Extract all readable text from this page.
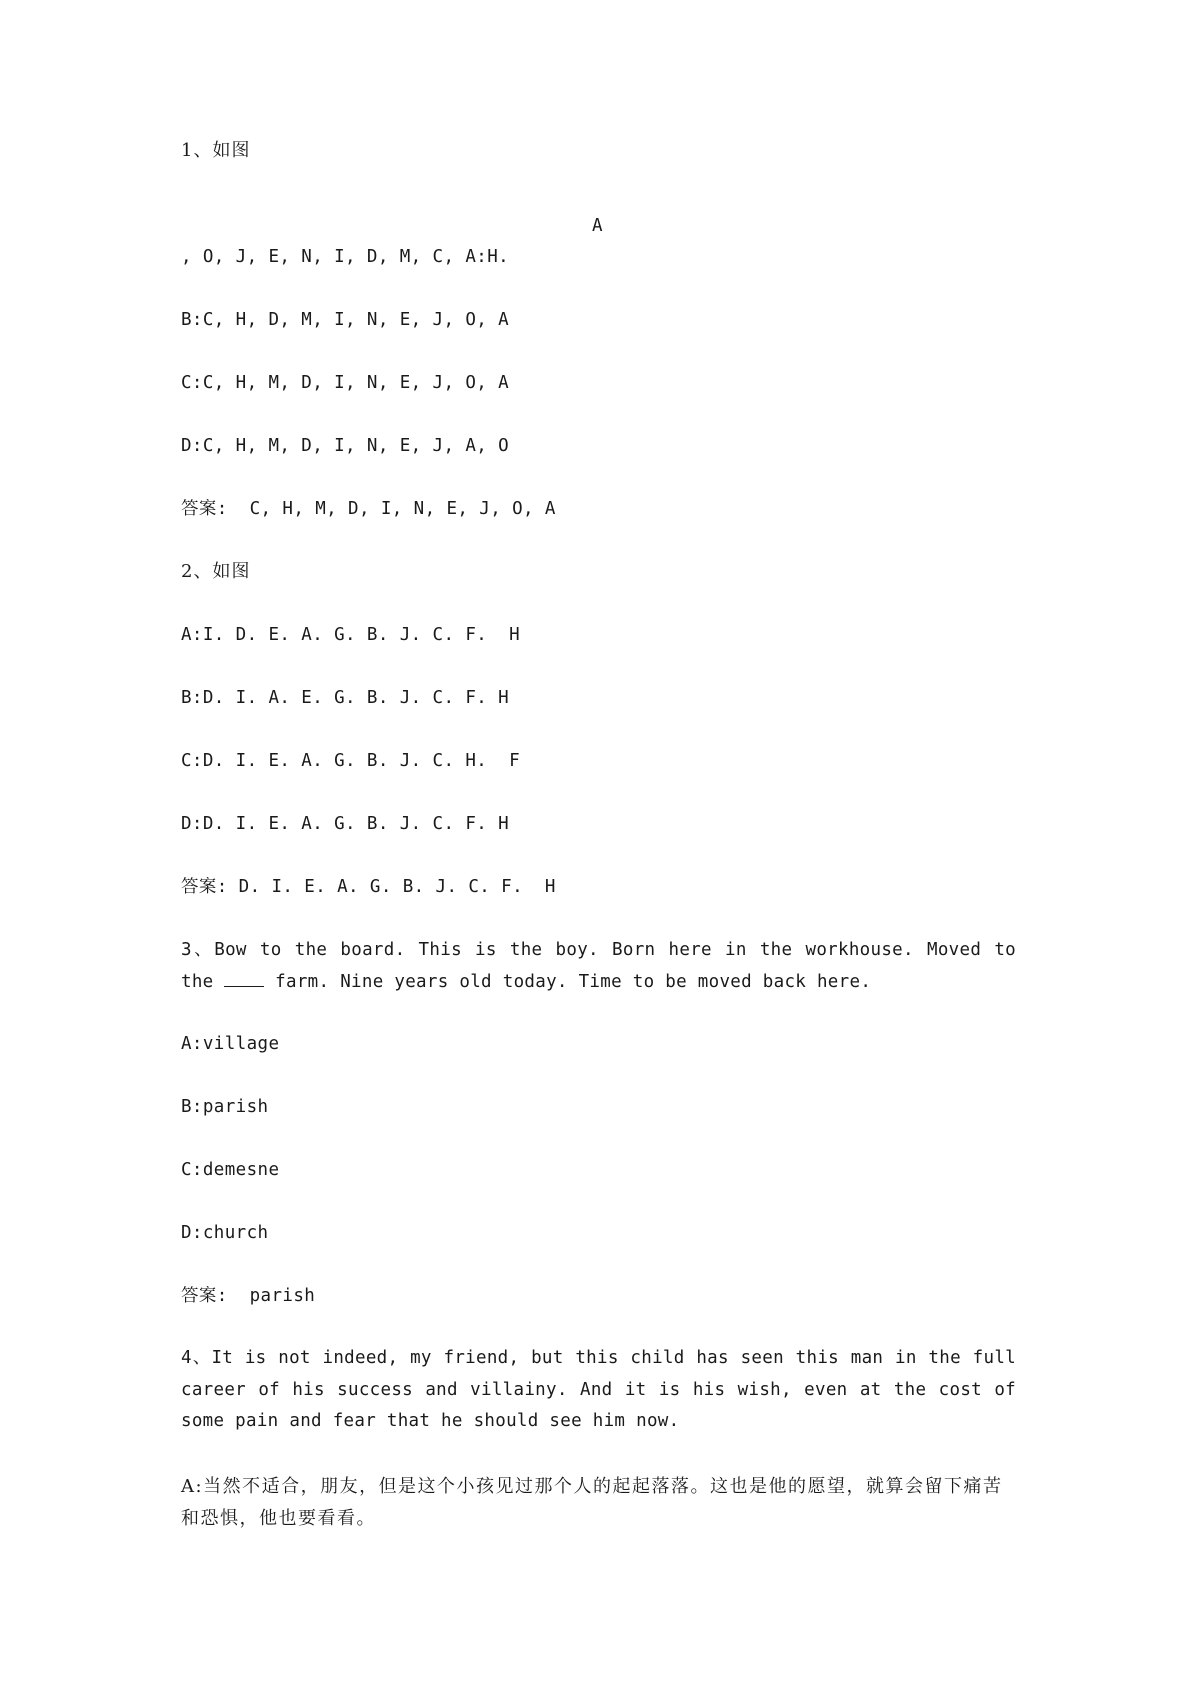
1、如图
A
, O, J, E, N, I, D, M, C, A:H.
B:C, H, D, M, I, N, E, J, O, A
C:C, H, M, D, I, N, E, J, O, A
D:C, H, M, D, I, N, E, J, A, O
答案:  C, H, M, D, I, N, E, J, O, A
2、如图
A:I. D. E. A. G. B. J. C. F.  H
B:D. I. A. E. G. B. J. C. F. H
C:D. I. E. A. G. B. J. C. H.  F
D:D. I. E. A. G. B. J. C. F. H
答案: D. I. E. A. G. B. J. C. F.  H
3、Bow to the board. This is the boy. Born here in the workhouse. Moved to the  farm. Nine years old today. Time to be moved back here.
A:village
B:parish
C:demesne
D:church
答案:  parish
4、It is not indeed, my friend, but this child has seen this man in the full career of his success and villainy. And it is his wish, even at the cost of some pain and fear that he should see him now.
A:当然不适合，朋友，但是这个小孩见过那个人的起起落落。这也是他的愿望，就算会留下痛苦和恐惧，他也要看看。
